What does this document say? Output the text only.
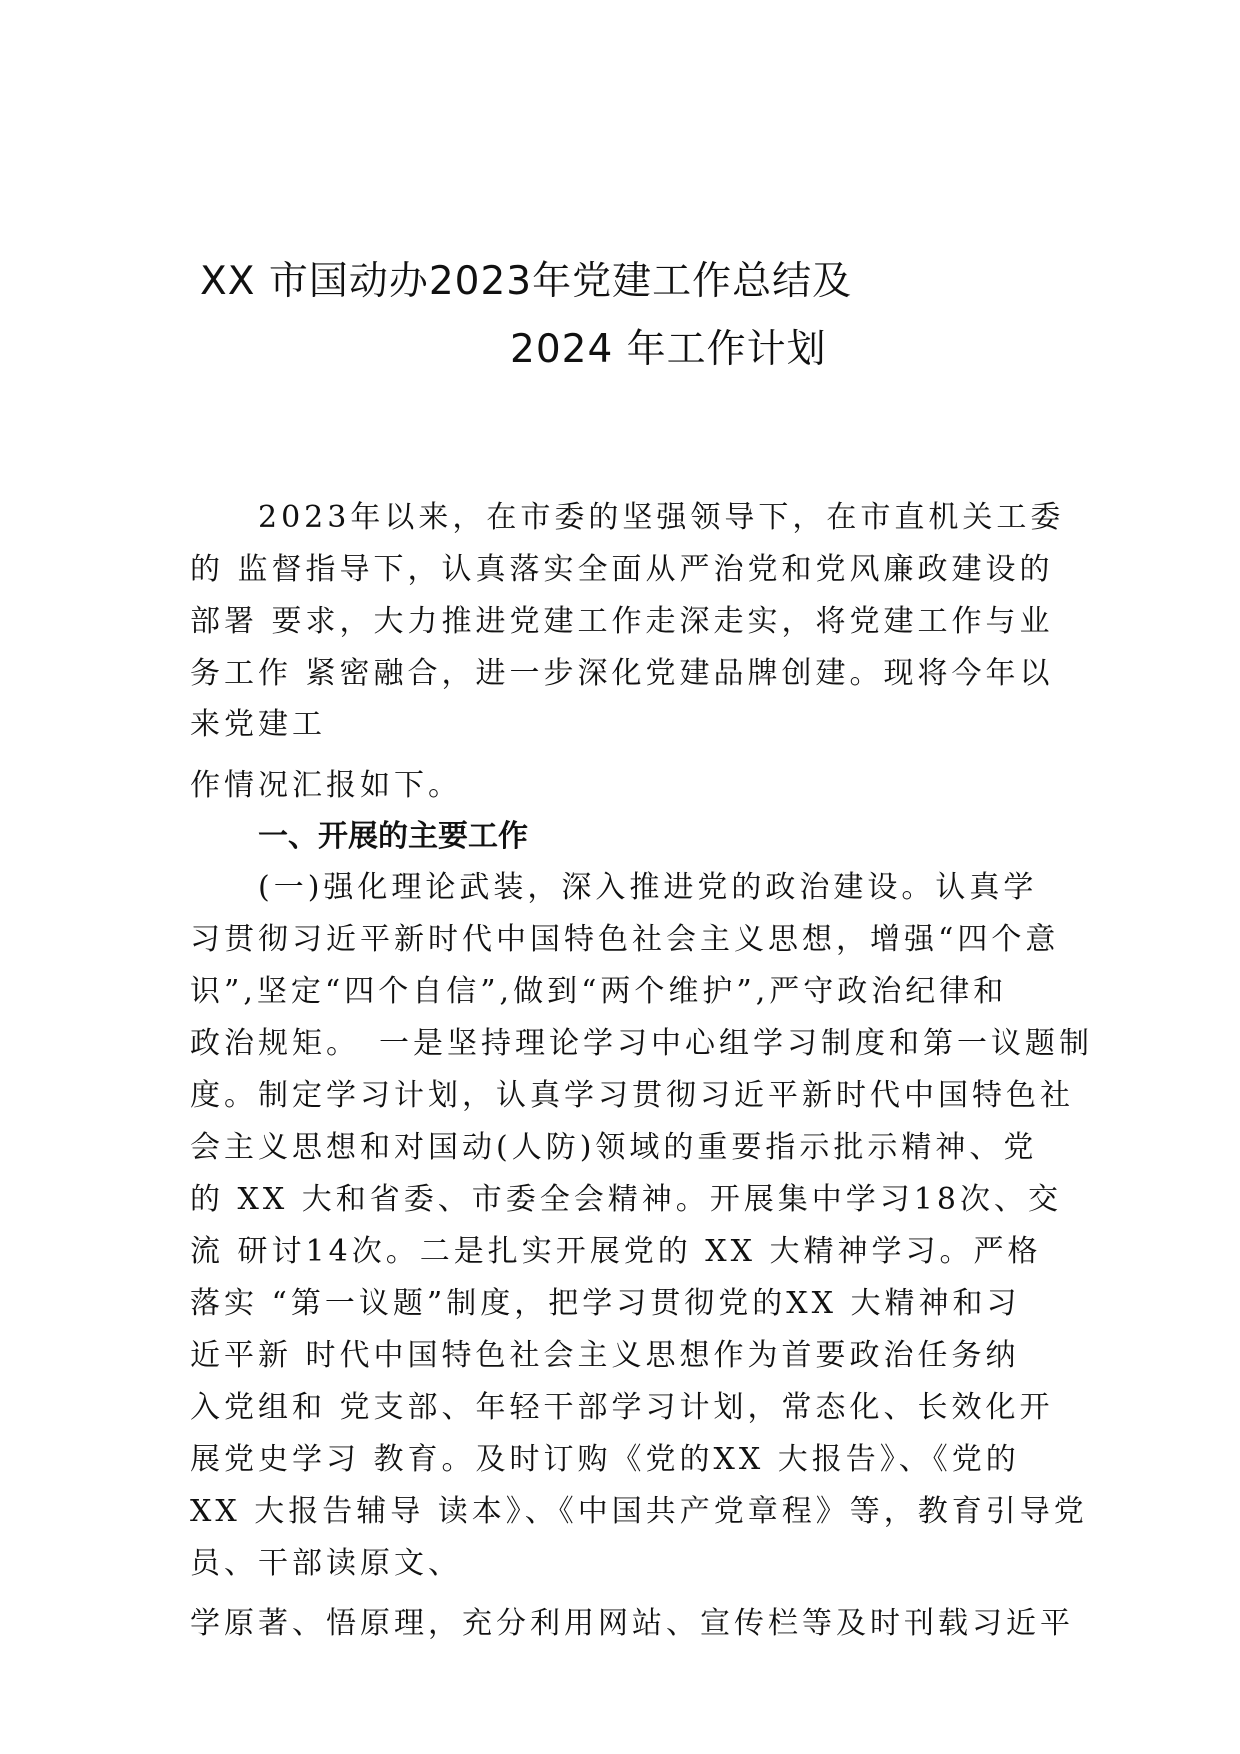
XX 市国动办2023年党建工作总结及
2024 年工作计划

　　2023年以来，在市委的坚强领导下，在市直机关工委

的 监督指导下，认真落实全面从严治党和党风廉政建设的

部署 要求，大力推进党建工作走深走实，将党建工作与业

务工作 紧密融合，进一步深化党建品牌创建。现将今年以

来党建工

作情况汇报如下。

一、开展的主要工作

　　(一)强化理论武装，深入推进党的政治建设。认真学

习贯彻习近平新时代中国特色社会主义思想，增强“四个意

识”,坚定“四个自信”,做到“两个维护”,严守政治纪律和

政治规矩。　一是坚持理论学习中心组学习制度和第一议题制

度。制定学习计划，认真学习贯彻习近平新时代中国特色社

会主义思想和对国动(人防)领域的重要指示批示精神、党

的 XX 大和省委、市委全会精神。开展集中学习18次、交

流 研讨14次。二是扎实开展党的 XX 大精神学习。严格

落实 “第一议题”制度，把学习贯彻党的XX 大精神和习

近平新 时代中国特色社会主义思想作为首要政治任务纳

入党组和 党支部、年轻干部学习计划，常态化、长效化开

展党史学习 教育。及时订购《党的XX 大报告》、《党的

XX 大报告辅导 读本》、《中国共产党章程》等，教育引导党

员、干部读原文、

学原著、悟原理，充分利用网站、宣传栏等及时刊载习近平
